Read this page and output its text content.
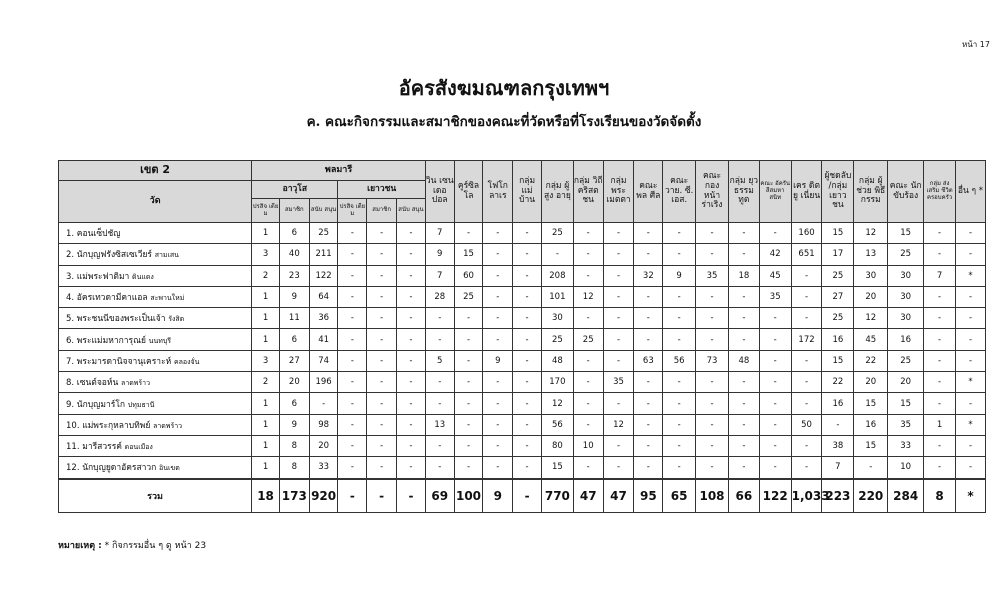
หน้า 17
อัครสังฆมณฑลกรุงเทพฯ
ค. คณะกิจกรรมและสมาชิกของคณะที่วัดหรือที่โรงเรียนของวัดจัดตั้ง
เขต 2	พลมารี						วิน เซน เดอ ปอล	คูร์ซิล โล	โฟโก ลาเร	กลุ่ม แม่ บ้าน	กลุ่ม ผู้สูง อายุ	กลุ่ม วิถี คริสต ชน	กลุ่ม พระ เมตตา	คณะ พล ศีล	คณะ วาย. ซี. เอส.	คณะ กอง หน้า ร่าเริง	กลุ่ม ยุว ธรรม ทูต	คณะ อัครัน สีสมหา สนิท	เคร ดิต ยู เนี่ยน	ผู้ชดลับ /กลุ่ม เยาว ชน	กลุ่ม ผู้ช่วย พิธี กรรม	คณะ นัก ขับร้อง	กลุ่ม ส่งเสริม ชีวิต ครอบครัว	อื่น ๆ *
วัด	อาวุโส			เยาวชน																				
	ปรสิจ เดียม	สมาชิก	สนับ สนุน	ปรสิจ เดียม	สมาชิก	สนับ สนุน																		
1. คอนเซ็ปชัญ	1	6	25	-	-	-	7	-	-	-	25	-	-	-	-	-	-	-	160	15	12	15	-	-
2. นักบุญฟรังซิสเซเวียร์ สามเสน	3	40	211	-	-	-	9	15	-	-	-	-	-	-	-	-	-	42	651	17	13	25	-	-
3. แม่พระฟาติมา ดินแดง	2	23	122	-	-	-	7	60	-	-	208	-	-	32	9	35	18	45	-	25	30	30	7	*
4. อัครเทวดามีคาแอล สะพานใหม่	1	9	64	-	-	-	28	25	-	-	101	12	-	-	-	-	-	35	-	27	20	30	-	-
5. พระชนนีของพระเป็นเจ้า รังสิต	1	11	36	-	-	-	-	-	-	-	30	-	-	-	-	-	-	-	-	25	12	30	-	-
6. พระแม่มหาการุณย์ นนทบุรี	1	6	41	-	-	-	-	-	-	-	25	25	-	-	-	-	-	-	172	16	45	16	-	-
7. พระมารดานิจจานุเคราะห์ คลองจั่น	3	27	74	-	-	-	5	-	9	-	48	-	-	63	56	73	48	-	-	15	22	25	-	-
8. เซนต์จอห์น ลาดพร้าว	2	20	196	-	-	-	-	-	-	-	170	-	35	-	-	-	-	-	-	22	20	20	-	*
9. นักบุญมาร์โก ปทุมธานี	1	6	-	-	-	-	-	-	-	-	12	-	-	-	-	-	-	-	-	16	15	15	-	-
10. แม่พระกุหลาบทิพย์ ลาดพร้าว	1	9	98	-	-	-	13	-	-	-	56	-	12	-	-	-	-	-	50	-	16	35	1	*
11. มารีสวรรค์ ดอนเมือง	1	8	20	-	-	-	-	-	-	-	80	10	-	-	-	-	-	-	-	38	15	33	-	-
12. นักบุญยูดาอัครสาวก อินเขต	1	8	33	-	-	-	-	-	-	-	15	-	-	-	-	-	-	-	-	7	-	10	-	-
รวม	18	173	920	-	-	-	69	100	9	-	770	47	47	95	65	108	66	122	1,033	223	220	284	8	*
หมายเหตุ : * กิจกรรมอื่น ๆ ดู หน้า 23
